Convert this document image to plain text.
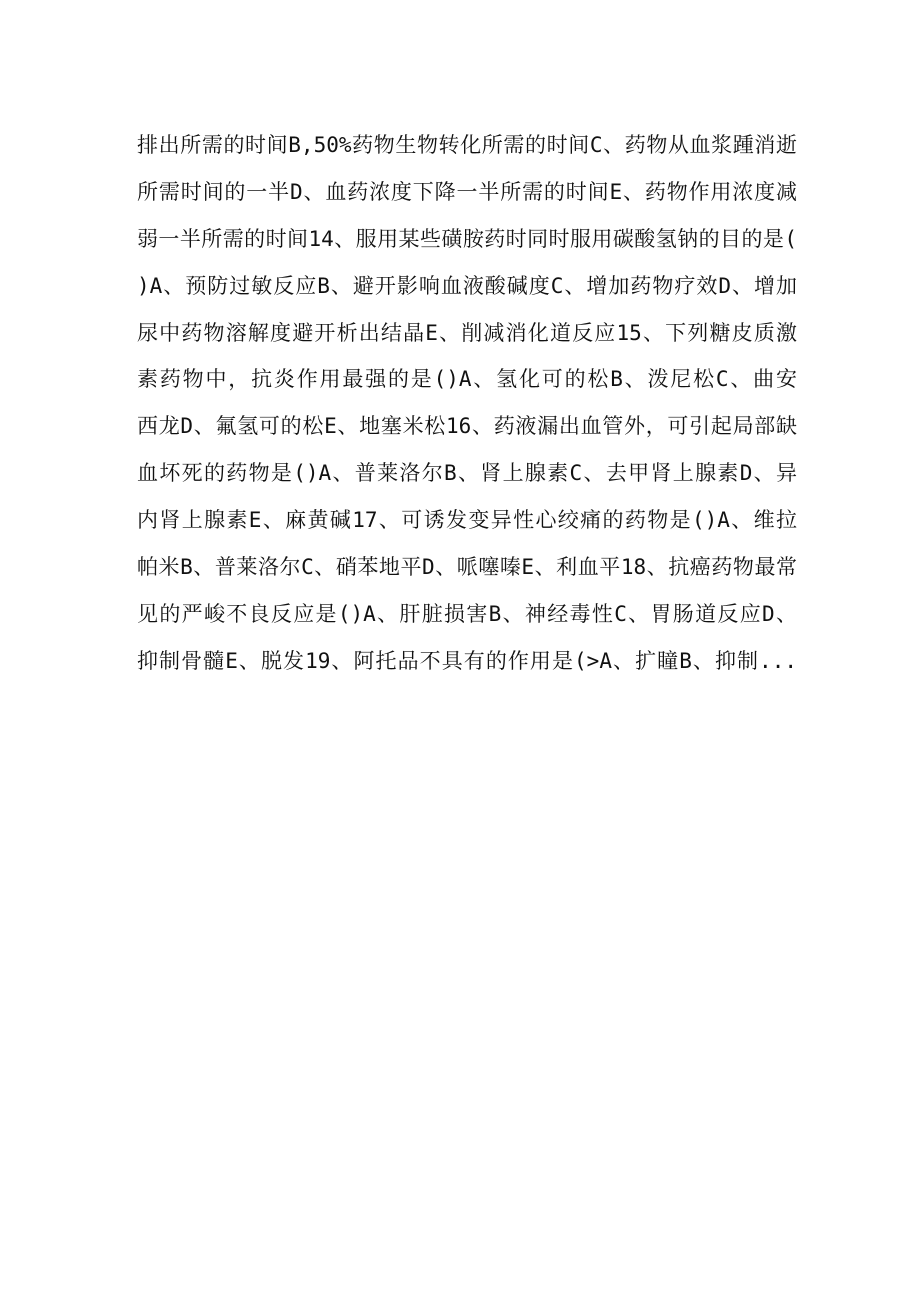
排出所需的时间B,50%药物生物转化所需的时间C、药物从血浆踵消逝
所需时间的一半D、血药浓度下降一半所需的时间E、药物作用浓度减
弱一半所需的时间14、服用某些磺胺药时同时服用碳酸氢钠的目的是(
)A、预防过敏反应B、避开影响血液酸碱度C、增加药物疗效D、增加
尿中药物溶解度避开析出结晶E、削减消化道反应15、下列糖皮质激
素药物中，抗炎作用最强的是()A、氢化可的松B、泼尼松C、曲安
西龙D、氟氢可的松E、地塞米松16、药液漏出血管外，可引起局部缺
血坏死的药物是()A、普莱洛尔B、肾上腺素C、去甲肾上腺素D、异
内肾上腺素E、麻黄碱17、可诱发变异性心绞痛的药物是()A、维拉
帕米B、普莱洛尔C、硝苯地平D、哌噻嗪E、利血平18、抗癌药物最常
见的严峻不良反应是()A、肝脏损害B、神经毒性C、胃肠道反应D、
抑制骨髓E、脱发19、阿托品不具有的作用是(>A、扩瞳B、抑制...
